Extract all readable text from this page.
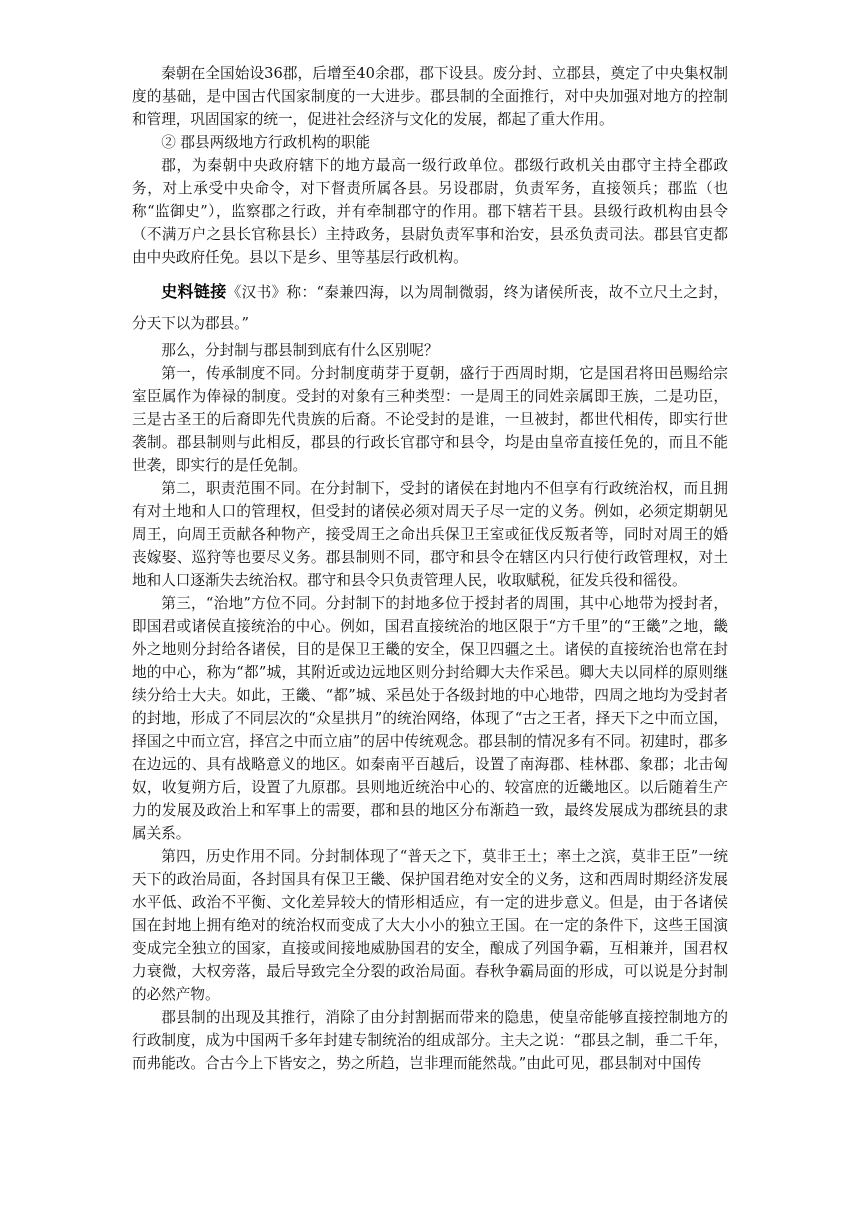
秦朝在全国始设36郡，后增至40余郡，郡下设县。废分封、立郡县，奠定了中央集权制度的基础，是中国古代国家制度的一大进步。郡县制的全面推行，对中央加强对地方的控制和管理，巩固国家的统一，促进社会经济与文化的发展，都起了重大作用。

② 郡县两级地方行政机构的职能

郡，为秦朝中央政府辖下的地方最高一级行政单位。郡级行政机关由郡守主持全郡政务，对上承受中央命令，对下督责所属各县。另设郡尉，负责军务，直接领兵；郡监（也称“监御史”），监察郡之行政，并有牵制郡守的作用。郡下辖若干县。县级行政机构由县令（不满万户之县长官称县长）主持政务，县尉负责军事和治安，县丞负责司法。郡县官吏都由中央政府任免。县以下是乡、里等基层行政机构。

史料链接《汉书》称：“秦兼四海，以为周制微弱，终为诸侯所丧，故不立尺土之封，分天下以为郡县。”

那么，分封制与郡县制到底有什么区别呢？

第一，传承制度不同。分封制度萌芽于夏朝，盛行于西周时期，它是国君将田邑赐给宗室臣属作为俸禄的制度。受封的对象有三种类型：一是周王的同姓亲属即王族，二是功臣，三是古圣王的后裔即先代贵族的后裔。不论受封的是谁，一旦被封，都世代相传，即实行世袭制。郡县制则与此相反，郡县的行政长官郡守和县令，均是由皇帝直接任免的，而且不能世袭，即实行的是任免制。

第二，职责范围不同。在分封制下，受封的诸侯在封地内不但享有行政统治权，而且拥有对土地和人口的管理权，但受封的诸侯必须对周天子尽一定的义务。例如，必须定期朝见周王，向周王贡献各种物产，接受周王之命出兵保卫王室或征伐反叛者等，同时对周王的婚丧嫁娶、巡狩等也要尽义务。郡县制则不同，郡守和县令在辖区内只行使行政管理权，对土地和人口逐渐失去统治权。郡守和县令只负责管理人民，收取赋税，征发兵役和徭役。

第三，“治地”方位不同。分封制下的封地多位于授封者的周围，其中心地带为授封者，即国君或诸侯直接统治的中心。例如，国君直接统治的地区限于“方千里”的“王畿”之地，畿外之地则分封给各诸侯，目的是保卫王畿的安全，保卫四疆之土。诸侯的直接统治也常在封地的中心，称为“都”城，其附近或边远地区则分封给卿大夫作采邑。卿大夫以同样的原则继续分给士大夫。如此，王畿、“都”城、采邑处于各级封地的中心地带，四周之地均为受封者的封地，形成了不同层次的“众星拱月”的统治网络，体现了“古之王者，择天下之中而立国，择国之中而立宫，择宫之中而立庙”的居中传统观念。郡县制的情况多有不同。初建时，郡多在边远的、具有战略意义的地区。如秦南平百越后，设置了南海郡、桂林郡、象郡；北击匈奴，收复朔方后，设置了九原郡。县则地近统治中心的、较富庶的近畿地区。以后随着生产力的发展及政治上和军事上的需要，郡和县的地区分布渐趋一致，最终发展成为郡统县的隶属关系。

第四，历史作用不同。分封制体现了“普天之下，莫非王土；率土之滨，莫非王臣”一统天下的政治局面，各封国具有保卫王畿、保护国君绝对安全的义务，这和西周时期经济发展水平低、政治不平衡、文化差异较大的情形相适应，有一定的进步意义。但是，由于各诸侯国在封地上拥有绝对的统治权而变成了大大小小的独立王国。在一定的条件下，这些王国演变成完全独立的国家，直接或间接地威胁国君的安全，酿成了列国争霸，互相兼并，国君权力衰微，大权旁落，最后导致完全分裂的政治局面。春秋争霸局面的形成，可以说是分封制的必然产物。

郡县制的出现及其推行，消除了由分封割据而带来的隐患，使皇帝能够直接控制地方的行政制度，成为中国两千多年封建专制统治的组成部分。主夫之说：“郡县之制，垂二千年，而弗能改。合古今上下皆安之，势之所趋，岂非理而能然哉。”由此可见，郡县制对中国传
